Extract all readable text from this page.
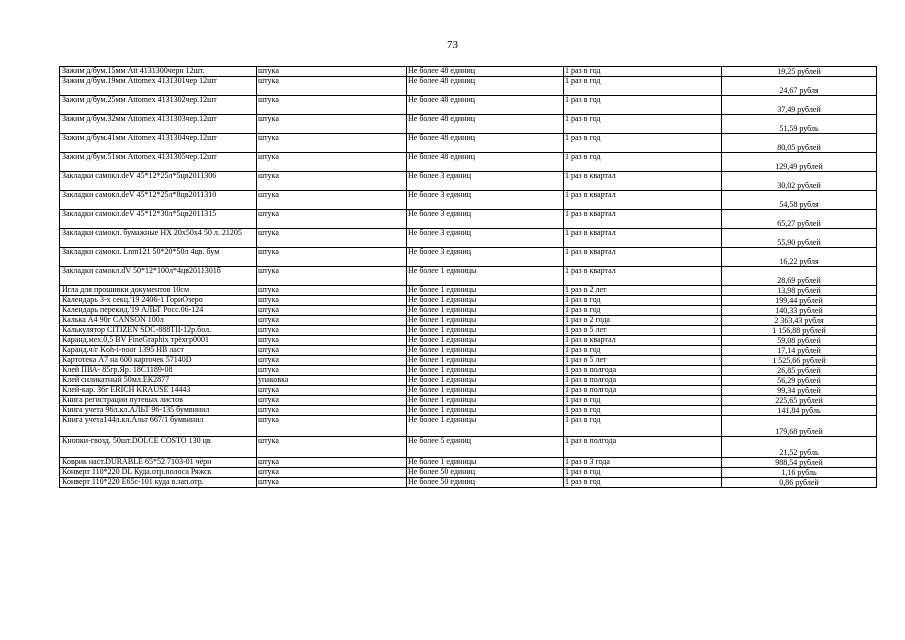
73
Зажим д/бум.15мм Att 4131300черн 12шт.	штука	Не более 48 единиц	1 раз в год	19,25 рублей
Зажим д/бум.19мм Attomex 4131301чер 12шт	штука	Не более 48 единиц	1 раз в год	24,67 рубля
Зажим д/бум.25мм Attomex 4131302чер.12шт	штука	Не более 48 единиц	1 раз в год	37,49 рублей
Зажим д/бум.32мм Attomex 4131303чер.12шт	штука	Не более 48 единиц	1 раз в год	51,59 рубль
Зажим д/бум.41мм Attomex 4131304чер.12шт	штука	Не более 48 единиц	1 раз в год	80,05 рублей
Зажим д/бум.51мм Attomex 4131305чер.12шт	штука	Не более 48 единиц	1 раз в год	129,49 рублей
Закладки самокл.deV 45*12*25л*5цв2011306	штука	Не более 3 единиц	1 раз в квартал	30,02 рублей
Закладки самокл.deV 45*12*25л*8цв2011310	штука	Не более 3 единиц	1 раз в квартал	54,58 рубля
Закладки самокл.deV 45*12*30л*5цв2011315	штука	Не более 3 единиц	1 раз в квартал	65,27 рублей
Закладки самокл. бумажные HX 20x50x4 50 л. 21205	штука	Не более 3 единиц	1 раз в квартал	55,90 рублей
Закладки самокл. Lnm121 50*20*50л 4цв. бум	штука	Не более 3 единиц	1 раз в квартал	16,22 рубля
Закладки самокл.dV 50*12*100л*4цв2011301б	штука	Не более 1 единицы	1 раз в квартал	28,69 рублей
Игла для прошивки документов 10см	штука	Не более 1 единицы	1 раз в 2 лет	13,98 рублей
Календарь 3-х секц.'19 2406-1 ГориОзеро	штука	Не более 1 единицы	1 раз в год	199,44 рублей
Календарь перекид.'19 АЛЬТ Росс.06-124	штука	Не более 1 единицы	1 раз в год	140,33 рублей
Калька А4 90г CANSON 100л	штука	Не более 1 единицы	1 раз в 2 года	2 363,43 рубля
Калькулятор CITIZEN SDC-888TII-12р.бол.	штука	Не более 1 единицы	1 раз в 5 лет	1 156,88 рублей
Каранд.мех.0,5 BV FineGraphix трёхгр0001	штука	Не более 1 единицы	1 раз в квартал	59,08 рублей
Каранд.ч/г Koh-i-noor 1395 НВ ласт	штука	Не более 1 единицы	1 раз в год	17,14 рублей
Картотека А7 на 600 карточек 57140D	штука	Не более 1 единицы	1 раз в 5 лет	1 525,66 рублей
Клей ПВА- 85гр.Яр. 18С1189-08	штука	Не более 1 единицы	1 раз в полгода	26,85 рублей
Клей силикатный 50мл.ЕК2877	упаковка	Не более 1 единицы	1 раз в полгода	56,29 рублей
Клей-кар. 36г ERICH KRAUSE 14443	штука	Не более 1 единицы	1 раз в полгода	99,34 рублей
Книга регистрации путевых листов	штука	Не более 1 единицы	1 раз в год	225,65 рублей
Книга учета 96л.кл.АЛЬТ 96-135 бумвинил	штука	Не более 1 единицы	1 раз в год	141,84 рубль
Книга учета144л.кл.Альт 667/1 бумвинил	штука	Не более 1 единицы	1 раз в год	179,68 рублей
Кнопки-гвозд. 50шт.DOLCE COSTO 130 цв	штука	Не более 5 единиц	1 раз в полгода	21,52 рубль
Коврик наст.DURABLE 65*52 7103-01 чёрн	штука	Не более 1 единицы	1 раз в 3 года	988,54 рублей
Конверт 110*220 DL Куда.отр.полоса Ряжск	штука	Не более 50 единиц	1 раз в год	1,16 рубль
Конверт 110*220 Е65с-101 куда в.зап.отр.	штука	Не более 50 единиц	1 раз в год	0,86 рублей
